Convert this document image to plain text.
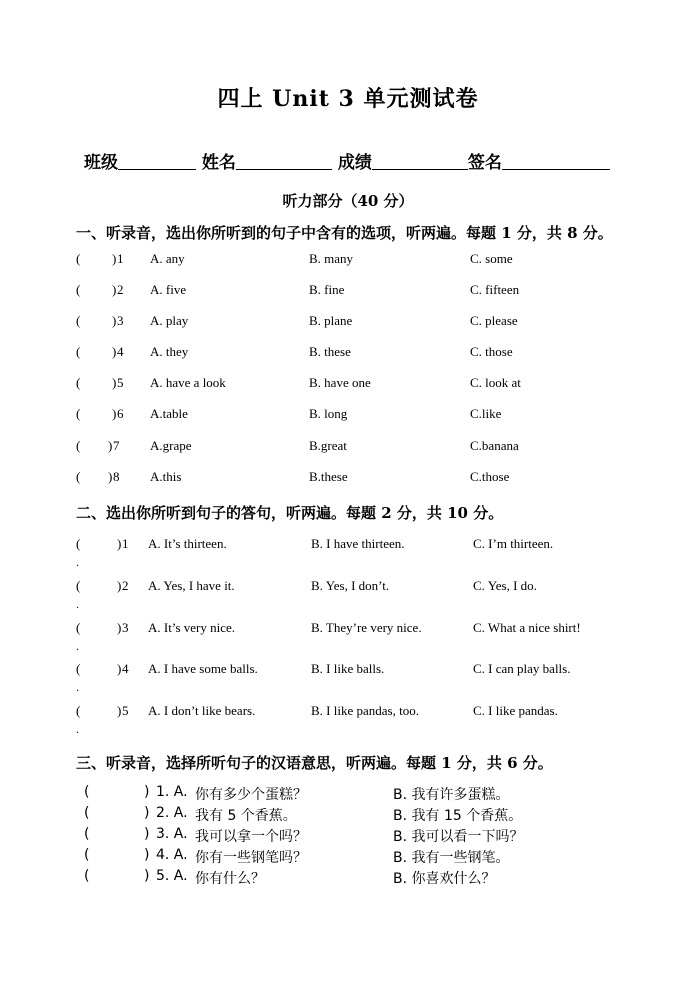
四上 Unit 3 单元测试卷
班级	姓名	成绩	签名
听力部分（40 分）
一、听录音，选出你所听到的句子中含有的选项，听两遍。每题 1 分，共 8 分。
( ) 1 A. any	B. many	C. some
( ) 2 A. five	B. fine	C. fifteen
( ) 3 A. play	B. plane	C. please
( ) 4 A. they	B. these	C. those
( ) 5 A. have a look	B. have one	C. look at
( ) 6 A.table	B. long	C.like
( ) 7 A.grape	B.great	C.banana
( ) 8 A.this	B.these	C.those
二、选出你所听到句子的答句，听两遍。每题 2 分，共 10 分。
(	) 1 A. It’s thirteen.	B. I have thirteen.	C. I’m thirteen.
.
(	) 2 A. Yes, I have it.	B. Yes, I don’t.	C. Yes, I do.
.
(	) 3 A. It’s very nice.	B. They’re very nice.	C. What a nice shirt!
.
(	) 4 A. I have some balls.	B. I like balls.	C. I can play balls.
.
(	) 5 A. I don’t like bears.	B. I like pandas, too.	C. I like pandas.
.
三、听录音，选择所听句子的汉语意思，听两遍。每题 1 分，共 6 分。
(	) 1. A. 你有多少个蛋糕？	B. 我有许多蛋糕。
(	) 2. A. 我有 5 个香蕉。	B. 我有 15 个香蕉。
(	) 3. A. 我可以拿一个吗？	B. 我可以看一下吗？
(	) 4. A. 你有一些钢笔吗？	B. 我有一些钢笔。
(	) 5. A. 你有什么？	B. 你喜欢什么？
